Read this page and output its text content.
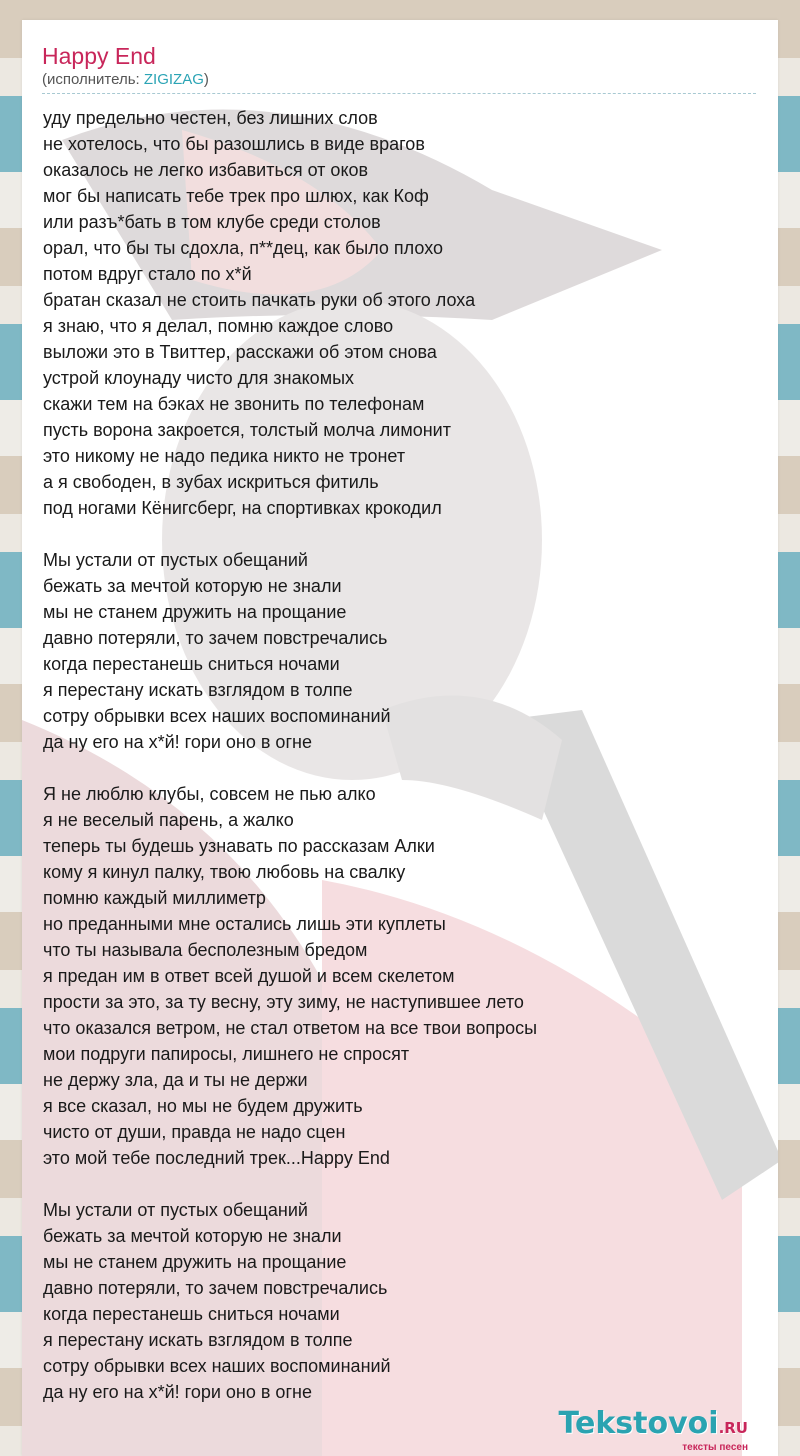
Happy End
(исполнитель: ZIGIZAG)
уду предельно честен, без лишних слов
не хотелось, что бы разошлись в виде врагов
оказалось не легко избавиться от оков
мог бы написать тебе трек про шлюх, как Коф
или разъ*бать в том клубе среди столов
орал, что бы ты сдохла, п**дец, как было плохо
потом вдруг стало по х*й
братан сказал не стоить пачкать руки об этого лоха
я знаю, что я делал, помню каждое слово
выложи это в Твиттер, расскажи об этом снова
устрой клоунаду чисто для знакомых
скажи тем на бэках не звонить по телефонам
пусть ворона закроется, толстый молча лимонит
это никому не надо педика никто не тронет
а я свободен, в зубах искриться фитиль
под ногами Кёнигсберг, на спортивках крокодил
Мы устали от пустых обещаний
бежать за мечтой которую не знали
мы не станем дружить на прощание
давно потеряли, то зачем повстречались
когда перестанешь сниться ночами
я перестану искать взглядом в толпе
сотру обрывки всех наших воспоминаний
да ну его на х*й! гори оно в огне
Я не люблю клубы, совсем не пью алко
я не веселый парень, а жалко
теперь ты будешь узнавать по рассказам Алки
кому я кинул палку, твою любовь на свалку
помню каждый миллиметр
но преданными мне остались лишь эти куплеты
что ты называла бесполезным бредом
я предан им в ответ всей душой и всем скелетом
прости за это, за ту весну, эту зиму, не наступившее лето
что оказался ветром, не стал ответом на все твои вопросы
мои подруги папиросы, лишнего не спросят
не держу зла, да и ты не держи
я все сказал, но мы не будем дружить
чисто от души, правда не надо сцен
это мой тебе последний трек...Happy End
Мы устали от пустых обещаний
бежать за мечтой которую не знали
мы не станем дружить на прощание
давно потеряли, то зачем повстречались
когда перестанешь сниться ночами
я перестану искать взглядом в толпе
сотру обрывки всех наших воспоминаний
да ну его на х*й! гори оно в огне
Tekstovoi.RU
тексты песен
